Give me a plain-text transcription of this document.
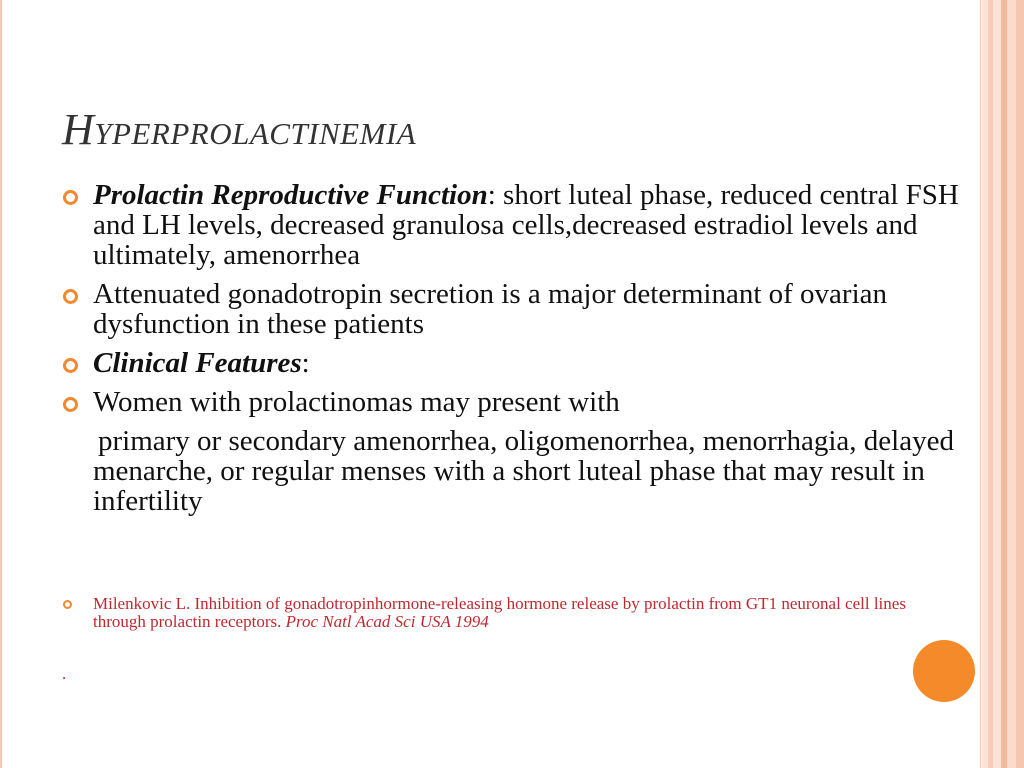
HYPERPROLACTINEMIA

Prolactin Reproductive Function: short luteal phase, reduced central FSH and LH levels, decreased granulosa cells,decreased estradiol levels and ultimately, amenorrhea

Attenuated gonadotropin secretion is a major determinant of ovarian dysfunction in these patients

Clinical Features:

Women with prolactinomas may present with

primary or secondary amenorrhea, oligomenorrhea, menorrhagia, delayed menarche, or regular menses with a short luteal phase that may result in infertility

Milenkovic L. Inhibition of gonadotropinhormone-releasing hormone release by prolactin from GT1 neuronal cell lines through prolactin receptors. Proc Natl Acad Sci USA 1994
.
